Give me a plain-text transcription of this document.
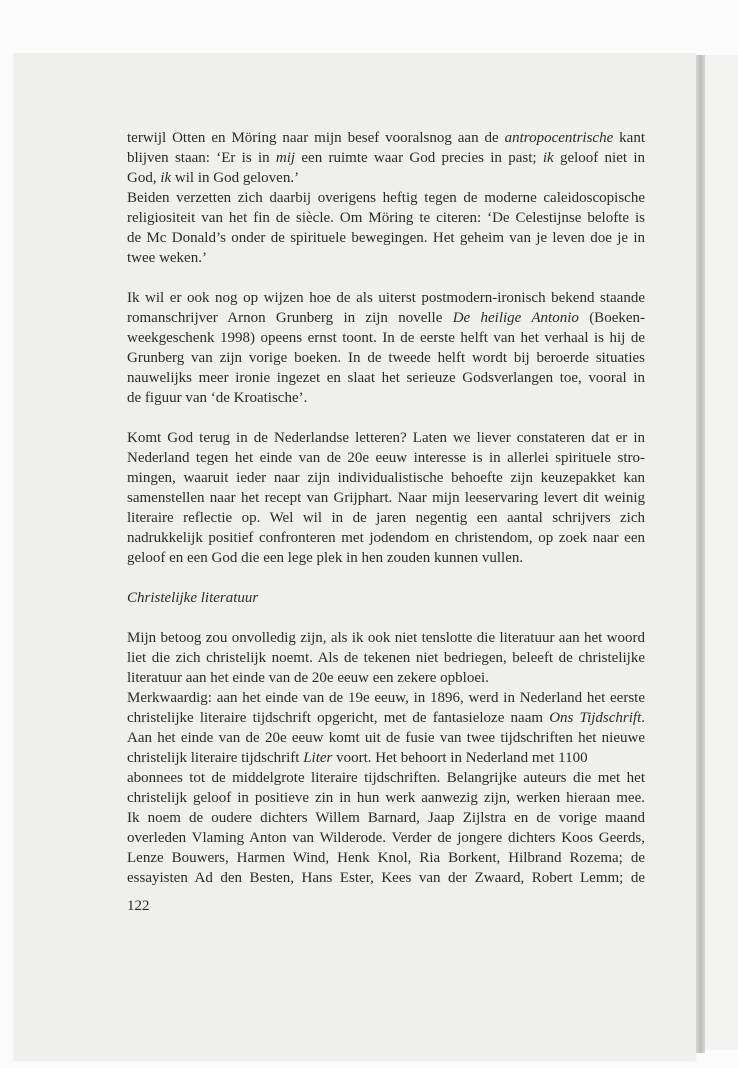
terwijl Otten en Möring naar mijn besef vooralsnog aan de antropocentrische kant
blijven staan: ‘Er is in mij een ruimte waar God precies in past; ik geloof niet in
God, ik wil in God geloven.’
Beiden verzetten zich daarbij overigens heftig tegen de moderne caleidoscopische
religiositeit van het fin de siècle. Om Möring te citeren: ‘De Celestijnse belofte is
de Mc Donald’s onder de spirituele bewegingen. Het geheim van je leven doe je in
twee weken.’
Ik wil er ook nog op wijzen hoe de als uiterst postmodern-ironisch bekend staande
romanschrijver Arnon Grunberg in zijn novelle De heilige Antonio (Boeken-
weekgeschenk 1998) opeens ernst toont. In de eerste helft van het verhaal is hij de
Grunberg van zijn vorige boeken. In de tweede helft wordt bij beroerde situaties
nauwelijks meer ironie ingezet en slaat het serieuze Godsverlangen toe, vooral in
de figuur van ‘de Kroatische’.
Komt God terug in de Nederlandse letteren? Laten we liever constateren dat er in
Nederland tegen het einde van de 20e eeuw interesse is in allerlei spirituele stro-
mingen, waaruit ieder naar zijn individualistische behoefte zijn keuzepakket kan
samenstellen naar het recept van Grijphart. Naar mijn leeservaring levert dit weinig
literaire reflectie op. Wel wil in de jaren negentig een aantal schrijvers zich
nadrukkelijk positief confronteren met jodendom en christendom, op zoek naar een
geloof en een God die een lege plek in hen zouden kunnen vullen.
Christelijke literatuur
Mijn betoog zou onvolledig zijn, als ik ook niet tenslotte die literatuur aan het woord
liet die zich christelijk noemt. Als de tekenen niet bedriegen, beleeft de christelijke
literatuur aan het einde van de 20e eeuw een zekere opbloei.
Merkwaardig: aan het einde van de 19e eeuw, in 1896, werd in Nederland het eerste
christelijke literaire tijdschrift opgericht, met de fantasieloze naam Ons Tijdschrift.
Aan het einde van de 20e eeuw komt uit de fusie van twee tijdschriften het nieuwe
christelijk literaire tijdschrift Liter voort. Het behoort in Nederland met 1100
abonnees tot de middelgrote literaire tijdschriften. Belangrijke auteurs die met het
christelijk geloof in positieve zin in hun werk aanwezig zijn, werken hieraan mee.
Ik noem de oudere dichters Willem Barnard, Jaap Zijlstra en de vorige maand
overleden Vlaming Anton van Wilderode. Verder de jongere dichters Koos Geerds,
Lenze Bouwers, Harmen Wind, Henk Knol, Ria Borkent, Hilbrand Rozema; de
essayisten Ad den Besten, Hans Ester, Kees van der Zwaard, Robert Lemm; de
122
